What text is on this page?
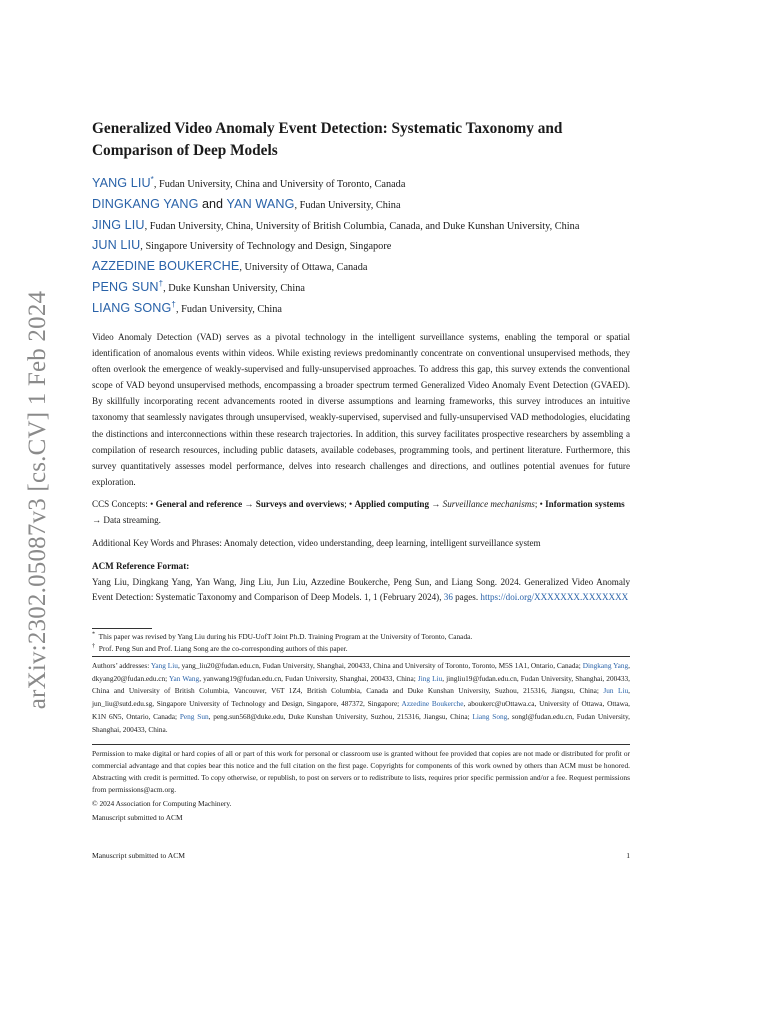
arXiv:2302.05087v3 [cs.CV] 1 Feb 2024
Generalized Video Anomaly Event Detection: Systematic Taxonomy and Comparison of Deep Models
YANG LIU*, Fudan University, China and University of Toronto, Canada
DINGKANG YANG and YAN WANG, Fudan University, China
JING LIU, Fudan University, China, University of British Columbia, Canada, and Duke Kunshan University, China
JUN LIU, Singapore University of Technology and Design, Singapore
AZZEDINE BOUKERCHE, University of Ottawa, Canada
PENG SUN†, Duke Kunshan University, China
LIANG SONG†, Fudan University, China
Video Anomaly Detection (VAD) serves as a pivotal technology in the intelligent surveillance systems, enabling the temporal or spatial identification of anomalous events within videos. While existing reviews predominantly concentrate on conventional unsupervised methods, they often overlook the emergence of weakly-supervised and fully-unsupervised approaches. To address this gap, this survey extends the conventional scope of VAD beyond unsupervised methods, encompassing a broader spectrum termed Generalized Video Anomaly Event Detection (GVAED). By skillfully incorporating recent advancements rooted in diverse assumptions and learning frameworks, this survey introduces an intuitive taxonomy that seamlessly navigates through unsupervised, weakly-supervised, supervised and fully-unsupervised VAD methodologies, elucidating the distinctions and interconnections within these research trajectories. In addition, this survey facilitates prospective researchers by assembling a compilation of research resources, including public datasets, available codebases, programming tools, and pertinent literature. Furthermore, this survey quantitatively assesses model performance, delves into research challenges and directions, and outlines potential avenues for future exploration.
CCS Concepts: • General and reference → Surveys and overviews; • Applied computing → Surveillance mechanisms; • Information systems → Data streaming.
Additional Key Words and Phrases: Anomaly detection, video understanding, deep learning, intelligent surveillance system
ACM Reference Format:
Yang Liu, Dingkang Yang, Yan Wang, Jing Liu, Jun Liu, Azzedine Boukerche, Peng Sun, and Liang Song. 2024. Generalized Video Anomaly Event Detection: Systematic Taxonomy and Comparison of Deep Models. 1, 1 (February 2024), 36 pages. https://doi.org/XXXXXXX.XXXXXXX
* This paper was revised by Yang Liu during his FDU-UofT Joint Ph.D. Training Program at the University of Toronto, Canada.
† Prof. Peng Sun and Prof. Liang Song are the co-corresponding authors of this paper.
Authors’ addresses: Yang Liu, yang_liu20@fudan.edu.cn, Fudan University, Shanghai, 200433, China and University of Toronto, Toronto, M5S 1A1, Ontario, Canada; Dingkang Yang, dkyang20@fudan.edu.cn; Yan Wang, yanwang19@fudan.edu.cn, Fudan University, Shanghai, 200433, China; Jing Liu, jingliu19@fudan.edu.cn, Fudan University, Shanghai, 200433, China and University of British Columbia, Vancouver, V6T 1Z4, British Columbia, Canada and Duke Kunshan University, Suzhou, 215316, Jiangsu, China; Jun Liu, jun_liu@sutd.edu.sg, Singapore University of Technology and Design, Singapore, 487372, Singapore; Azzedine Boukerche, aboukerc@uOttawa.ca, University of Ottawa, Ottawa, K1N 6N5, Ontario, Canada; Peng Sun, peng.sun568@duke.edu, Duke Kunshan University, Suzhou, 215316, Jiangsu, China; Liang Song, songl@fudan.edu.cn, Fudan University, Shanghai, 200433, China.
Permission to make digital or hard copies of all or part of this work for personal or classroom use is granted without fee provided that copies are not made or distributed for profit or commercial advantage and that copies bear this notice and the full citation on the first page. Copyrights for components of this work owned by others than ACM must be honored. Abstracting with credit is permitted. To copy otherwise, or republish, to post on servers or to redistribute to lists, requires prior specific permission and/or a fee. Request permissions from permissions@acm.org.
© 2024 Association for Computing Machinery.
Manuscript submitted to ACM
Manuscript submitted to ACM	1
